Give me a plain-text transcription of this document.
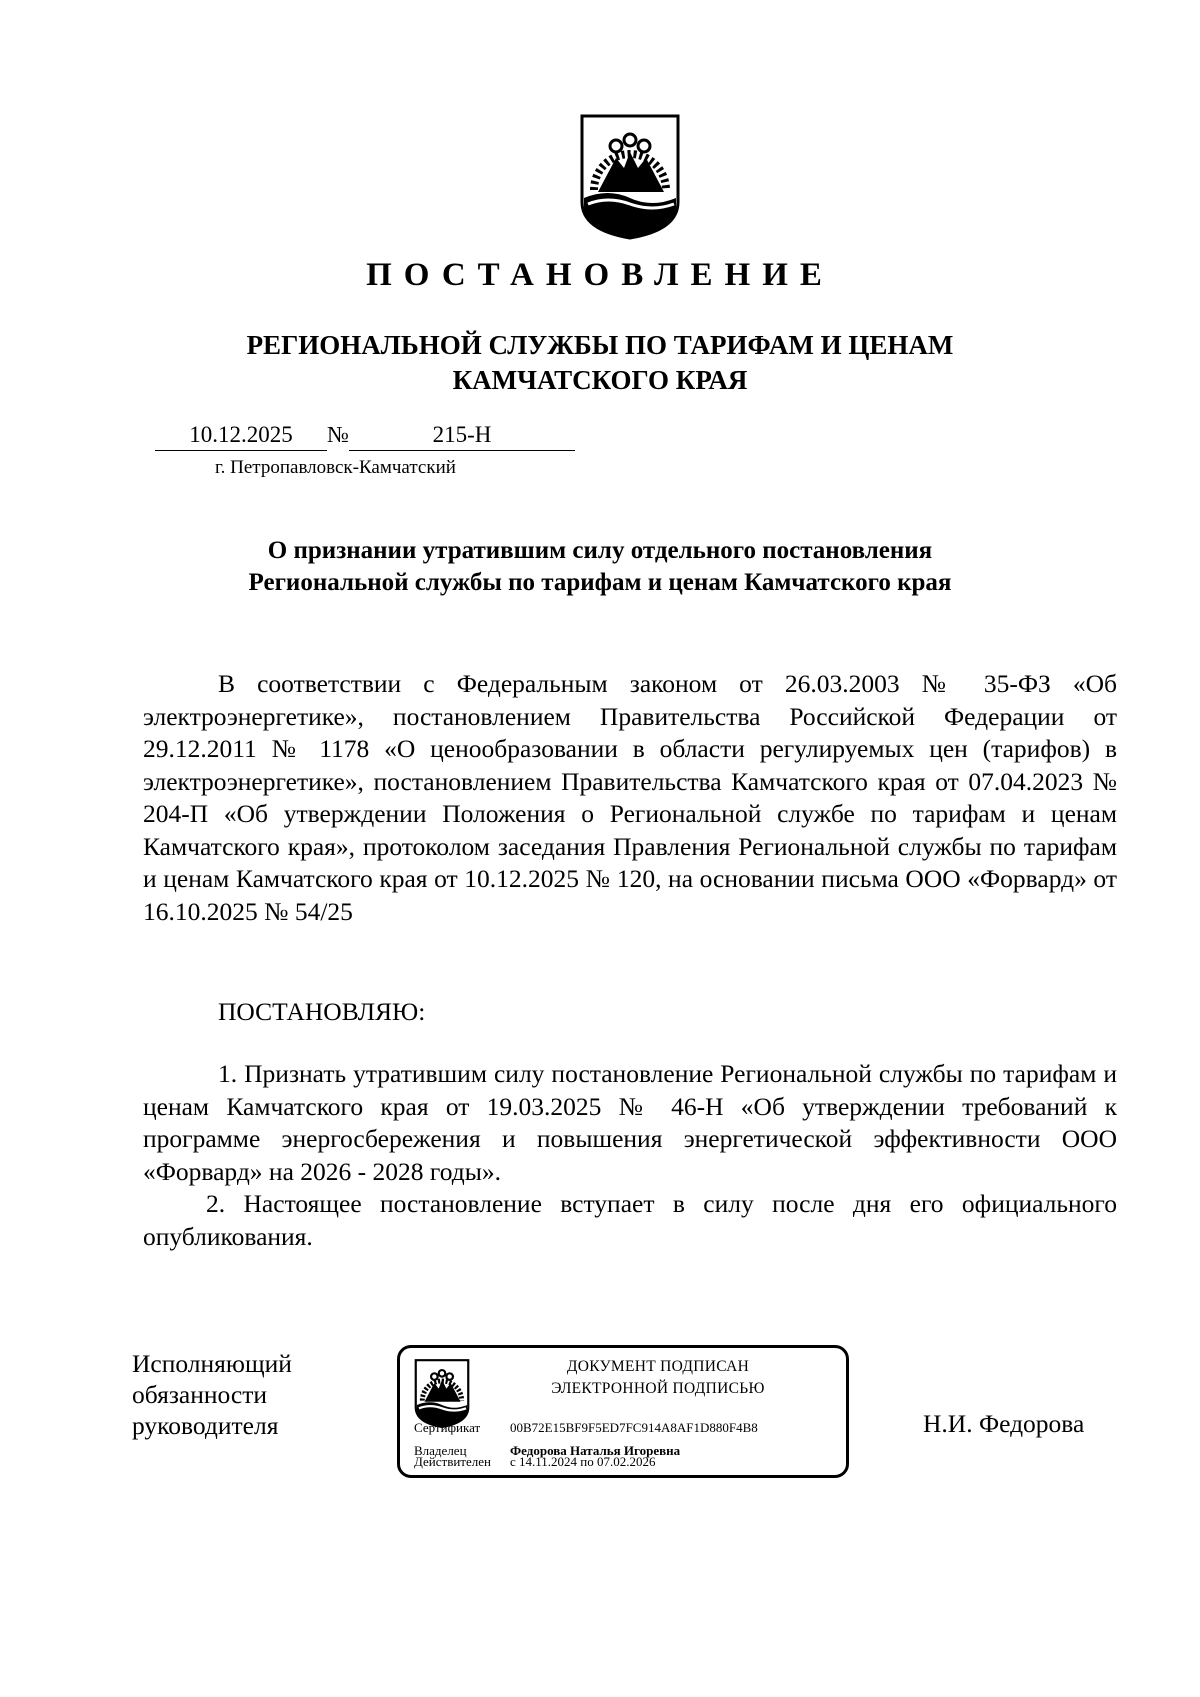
ПОСТАНОВЛЕНИЕ
РЕГИОНАЛЬНОЙ СЛУЖБЫ ПО ТАРИФАМ И ЦЕНАМ
КАМЧАТСКОГО КРАЯ
10.12.2025 №	215-Н
г. Петропавловск-Камчатский
О признании утратившим силу отдельного постановления
Региональной службы по тарифам и ценам Камчатского края

В соответствии с Федеральным законом от 26.03.2003 № 35-ФЗ «Об электроэнергетике», постановлением Правительства Российской Федерации от 29.12.2011 № 1178 «О ценообразовании в области регулируемых цен (тарифов) в электроэнергетике», постановлением Правительства Камчатского края от 07.04.2023 № 204-П «Об утверждении Положения о Региональной службе по тарифам и ценам Камчатского края», протоколом заседания Правления Региональной службы по тарифам и ценам Камчатского края от 10.12.2025 № 120, на основании письма ООО «Форвард» от 16.10.2025 № 54/25

ПОСТАНОВЛЯЮ:

1. Признать утратившим силу постановление Региональной службы по тарифам и ценам Камчатского края от 19.03.2025 № 46-Н «Об утверждении требований к программе энергосбережения и повышения энергетической эффективности ООО «Форвард» на 2026 - 2028 годы».

2. Настоящее постановление вступает в силу после дня его официального опубликования.

Исполняющий
обязанности
руководителя
ДОКУМЕНТ ПОДПИСАН
ЭЛЕКТРОННОЙ ПОДПИСЬЮ
Сертификат 00B72E15BF9F5ED7FC914A8AF1D880F4B8
Владелец	Федорова Наталья Игоревна
Действителен с 14.11.2024 по 07.02.2026
Н.И. Федорова
